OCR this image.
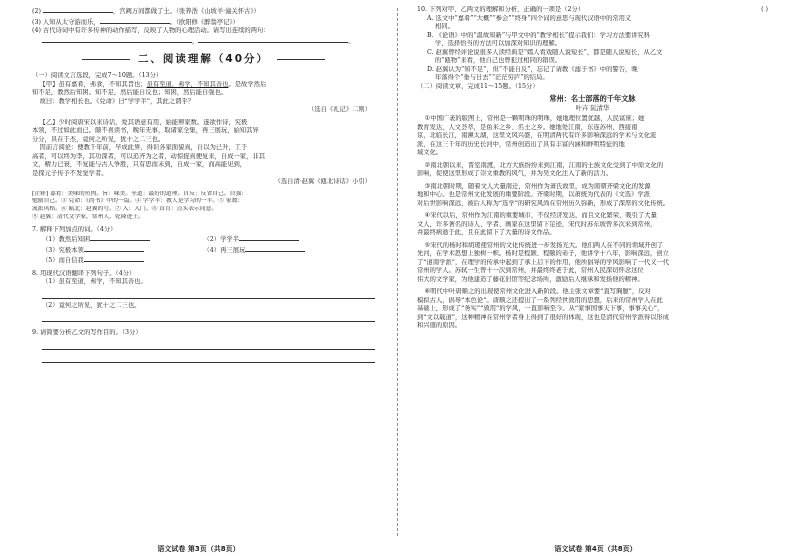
(2)	，宫阙万间都做了土。（张养浩《山坡羊·潼关怀古》）

(3) 人知从太守游而乐，	。（欧阳修《醉翁亭记》）

(4) 古代诗词中有许多传神的动作描写，反映了人物的心理活动。请写出连续的两句：

，	。

二、阅读理解（40分）

（一）阅读文言选段，完成7～10题。（13分）

【甲】虽有嘉肴，弗食，不知其旨也；虽有至道，弗学，不知其善也。是故学然后

知不足，教然后知困。知不足，然后能自反也；知困，然后能自强也。

故曰：教学相长也。《兑命》曰“学学半”，其此之谓乎？

（选自《礼记》二则）

【乙】少时阅唐宋以来诗话，爱其语意有用，始能辨家数。遂欲作诗，究极

本领，不过如此而已。颇不喜读书，晚年无事，取诸家全集，再三展玩，始知其异

分分，具在于杰，竟何之所见，犹十之二三也。

因前言阅论：便教千年前，早成此界，得识各家面貌真，自以为已升，工于

高者，可以终为李，其功深者，可以追齐为之者，动惊捉真便复来，自成一家，非其

文，精力已衰，不复能与古人争胜，只有思而未到，自成一家，而高能见到，

是探元子传予不发觉学者。

（选自清·赵翼《瓯北诗话》小引）

[注释] 嘉肴：美味的鱼肉。旨：味美。至道：最好的道理。自反：反省自己。自强：

勉励自己。③ 兑命：《尚书》中的一篇。④ 学学半：教人是学习的一半。⑤ 家数：

流派风格。⑥ 瓯北：赵翼的号。⑦ 入：入门。⑧ 首肯：点头表示同意。

⑨ 赵翼：清代文学家，常州人，乾隆进士。

7. 解释下列加点的词。（4分）

（1）教然后知困	（2）学学半

（3）究极本领	（4）再三展玩

（5）而自信我

8. 用现代汉语翻译下列句子。（4分）

（1）虽有至道，弗学，不知其善也。

（2）竟何之所见，犹十之二三也。

9. 请简要分析乙文的写作目的。（3分）

语文试卷 第3页（共8页）

10. 下列对甲、乙两文的理解和分析，正确的一项是（2分）	( )

A. 选文中“嘉肴”“大概”“参会”“终身”四个词的意思与现代汉语中的常用义

相同。

B. 《论语》中的“温故知新”与甲文中的“教学相长”提示我们：学习方法要讲究科

学，选择恰当的方法可以加深对知识的理解。

C. 赵翼曾经评论说很多人读经典是“嫣人看戏随人说短长”，都是随人说短长，从乙文

的“瓯物”来看，他自己也曾犯过相同的错误。

D. 赵翼认为“知不足”，但“不能自反”，忘记了请教《滤子书》中的警告，晚

年落得个“垂与日去”“茫茫穷庐”的结局。

（二）阅读文章，完成11～15题。（15分）

常州：名士部落的千年文脉
叶卉 阮清华

①中国广袤的版图上，常州是一颗明珠的明珠，她地理位置优越，人民富庶；她

教育发达，人文荟萃，是鱼米之乡、名士之乡。她地处江南，东连苏州、西接南

京，北临长江，南濒太湖，这里文风兴盛，在明清两代有许多影响深远的学术与文化流

派，在这三千年的历史长河中，常州创造出了具有丰富内涵和鲜明特征的地

域文化。

②南北朝以来，晋室南渡，北方大族纷纷来到江南，江南的士族文化受到了中原文化的

影响，促使这里形成了崇文重教的风气，并为吴文化注入了新的活力。

③南北朝时期，随着文人大量南迁，常州作为萧氏故里，成为南朝齐梁文化的发源

地和中心。也是常州文化发展的重要阶段。齐梁时期，以萧统为代表的《文选》学派

对后世影响深远，被后人称为“选学”的研究风尚在常州历久弥新，形成了深厚的文化传统。

④宋代以后，常州作为江南的重要城市，不仅经济发达，而且文化繁荣，吸引了大量

文人，许多著名的诗人、学者、画家在这里留下足迹，宋代时苏东坡曾多次来到常州，

并最终病逝于此，且在此留下了大量的诗文作品。

⑤宋代的杨时和胡瑗使常州的文化传统进一步发扬光大。他们两人在不同的领域开创了

先河，在学术思想上独树一帜。杨时是程颢、程颐的弟子，他讲学十八年，影响深远，创立

了“道南学派”，在理学的传承中起到了承上启下的作用，他所倡导的学风影响了一代又一代

常州的学人。苏轼一生曾十一次到常州，并最终终老于此，常州人民深切怀念这位

伟大的文学家，为他建造了藤花旧馆等纪念场所，激励后人继承和发扬他的精神。

⑥明代中叶唐顺之的出现使常州文化进入新阶段。他主张文章要“直写胸臆”，反对

模拟古人，倡导“本色论”。唐顺之还提出了一系列经世致用的思想，后来的常州学人在此

基础上，形成了“务实”“致用”的学风，一直影响至今。从“家事国事天下事，事事关心”，

到“文以载道”，这种精神在常州学者身上得到了很好的体现，这也是清代常州学派得以形成

和兴盛的原因。

语文试卷 第4页（共8页）
